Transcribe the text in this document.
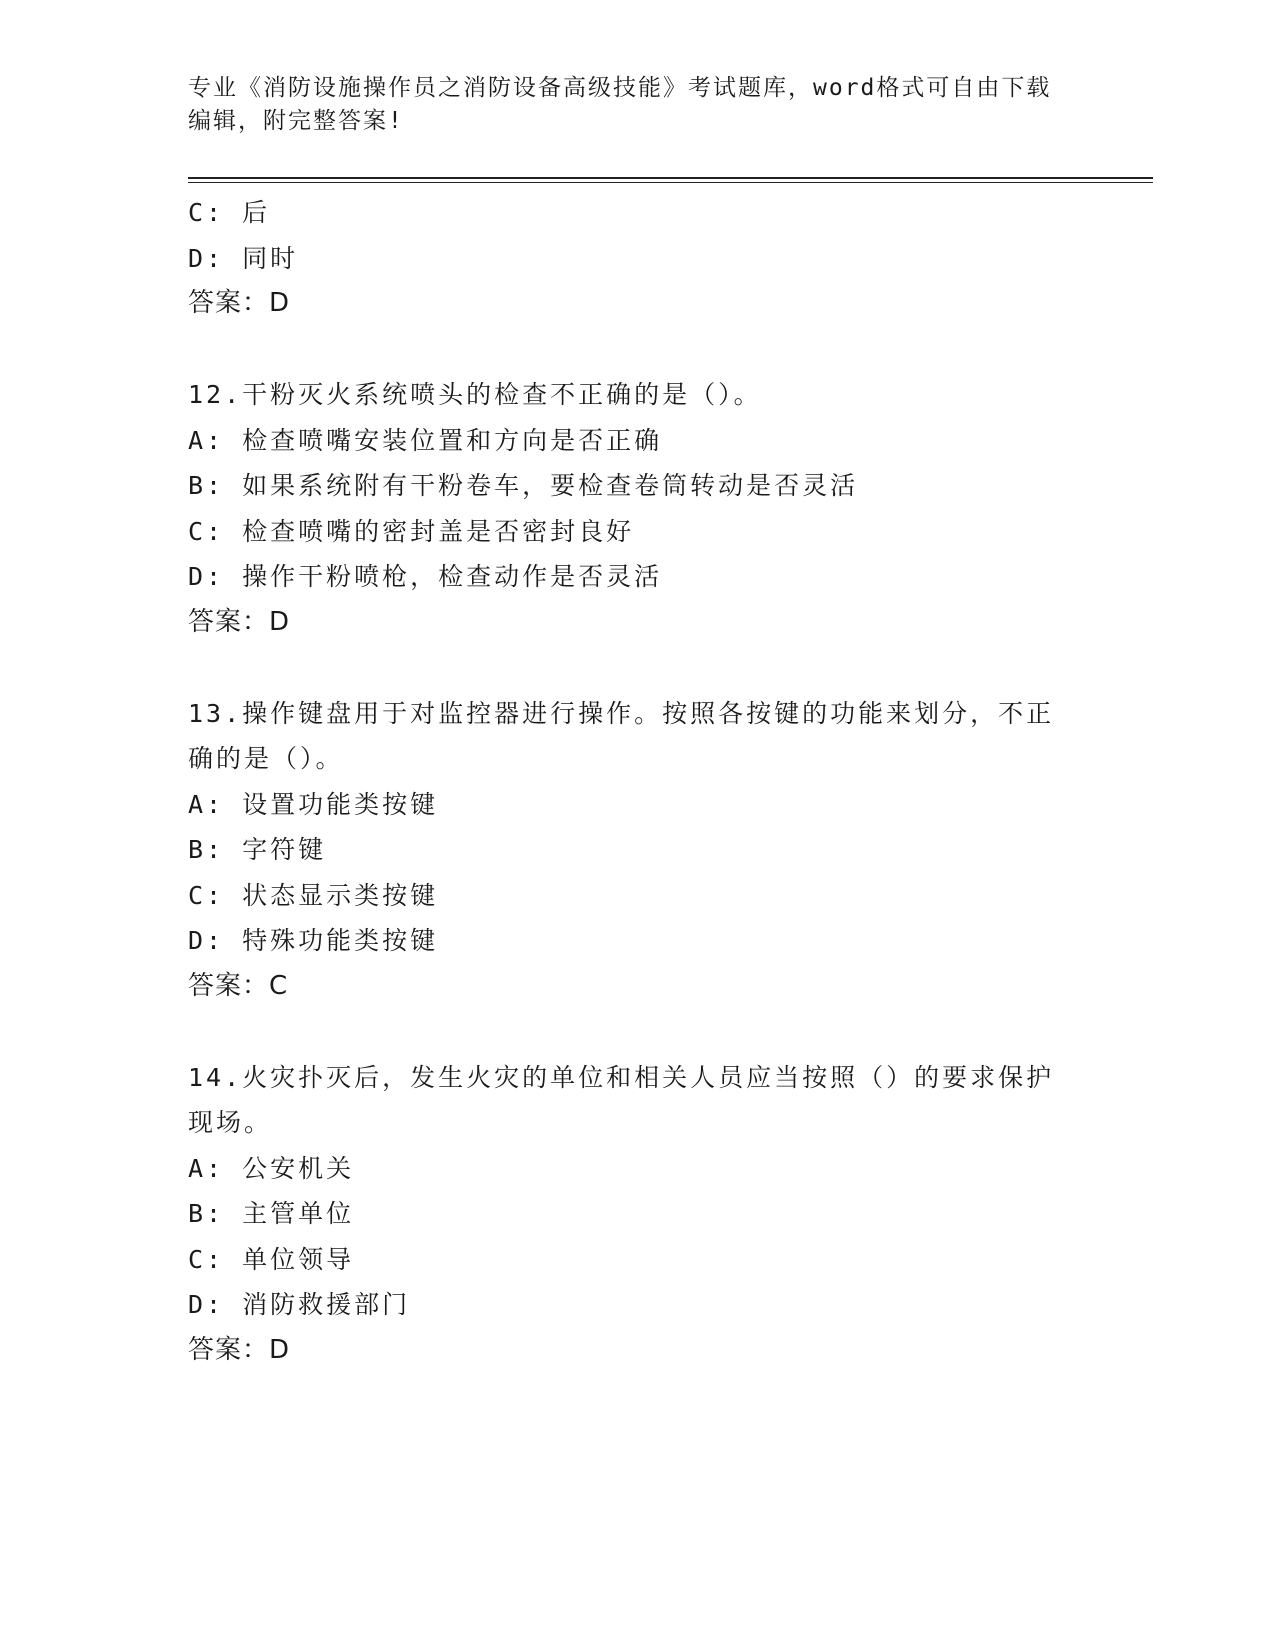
专业《消防设施操作员之消防设备高级技能》考试题库，word格式可自由下载编辑，附完整答案!
C: 后
D: 同时
答案：D
12.干粉灭火系统喷头的检查不正确的是（）。
A: 检查喷嘴安装位置和方向是否正确
B: 如果系统附有干粉卷车，要检查卷筒转动是否灵活
C: 检查喷嘴的密封盖是否密封良好
D: 操作干粉喷枪，检查动作是否灵活
答案：D
13.操作键盘用于对监控器进行操作。按照各按键的功能来划分，不正确的是（）。
A: 设置功能类按键
B: 字符键
C: 状态显示类按键
D: 特殊功能类按键
答案：C
14.火灾扑灭后，发生火灾的单位和相关人员应当按照（）的要求保护现场。
A: 公安机关
B: 主管单位
C: 单位领导
D: 消防救援部门
答案：D
